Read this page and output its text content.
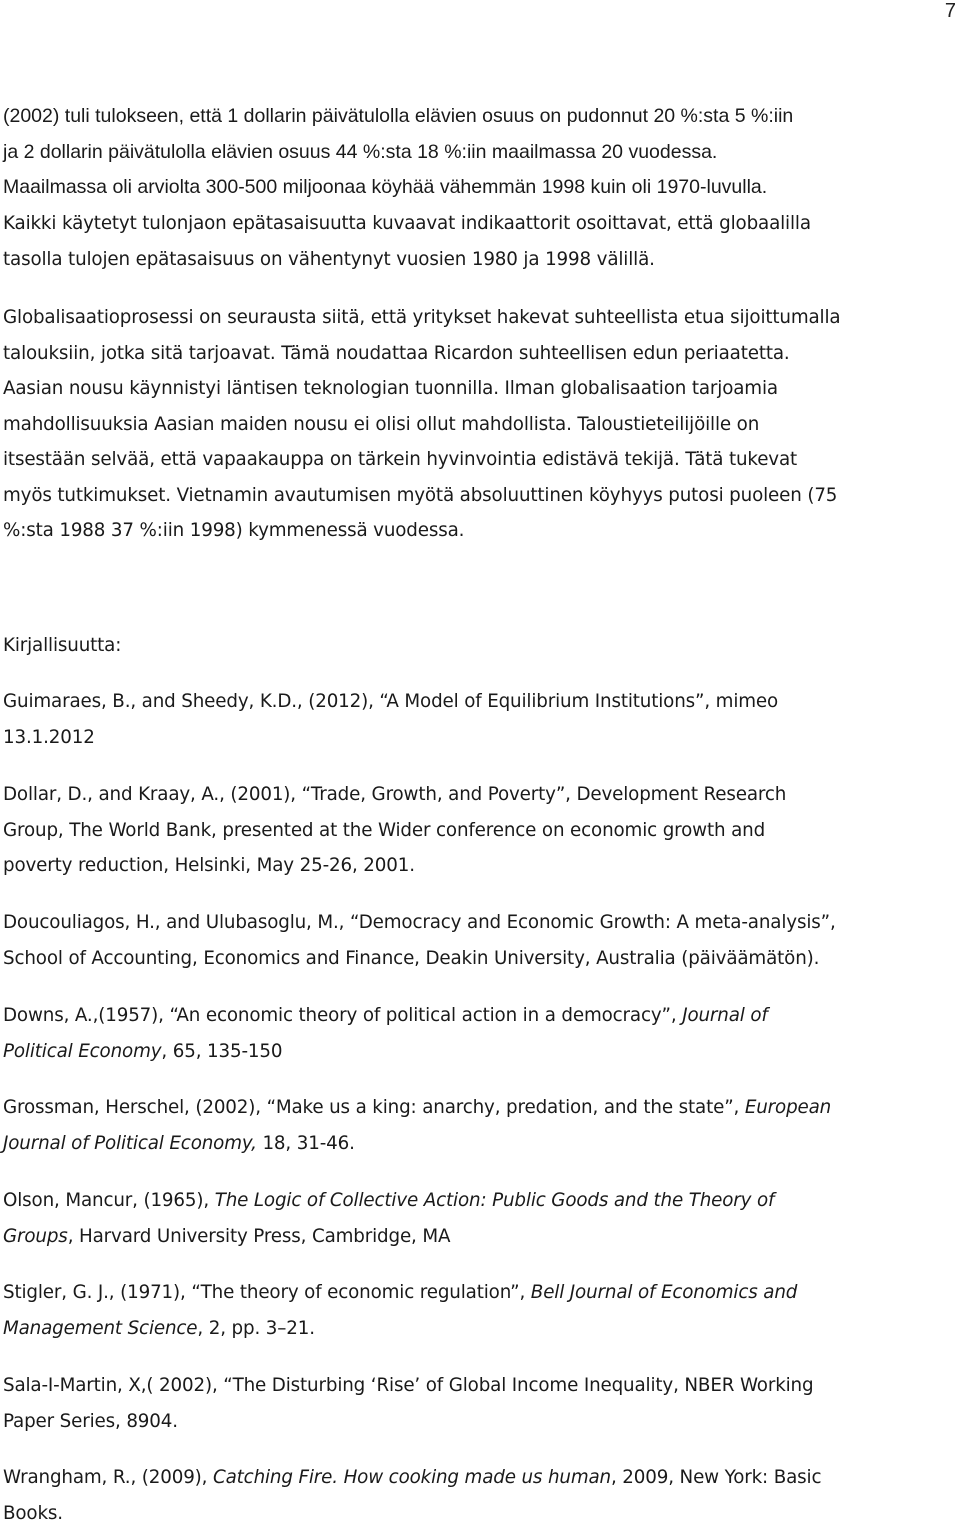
7
(2002) tuli tulokseen, että 1 dollarin päivätulolla elävien osuus on pudonnut 20 %:sta 5 %:iin
ja 2 dollarin päivätulolla elävien osuus 44 %:sta 18 %:iin maailmassa 20 vuodessa.
Maailmassa oli arviolta 300-500 miljoonaa köyhää vähemmän 1998 kuin oli 1970-luvulla.
Kaikki käytetyt tulonjaon epätasaisuutta kuvaavat indikaattorit osoittavat, että globaalilla
tasolla tulojen epätasaisuus on vähentynyt vuosien 1980 ja 1998 välillä.
Globalisaatioprosessi on seurausta siitä, että yritykset hakevat suhteellista etua sijoittumalla
talouksiin, jotka sitä tarjoavat. Tämä noudattaa Ricardon suhteellisen edun periaatetta.
Aasian nousu käynnistyi läntisen teknologian tuonnilla. Ilman globalisaation tarjoamia
mahdollisuuksia Aasian maiden nousu ei olisi ollut mahdollista. Taloustieteilijöille on
itsestään selvää, että vapaakauppa on tärkein hyvinvointia edistävä tekijä. Tätä tukevat
myös tutkimukset. Vietnamin avautumisen myötä absoluuttinen köyhyys putosi puoleen (75
%:sta 1988 37 %:iin 1998) kymmenessä vuodessa.
Kirjallisuutta:
Guimaraes, B., and Sheedy, K.D., (2012), “A Model of Equilibrium Institutions”, mimeo
13.1.2012
Dollar, D., and Kraay, A., (2001), “Trade, Growth, and Poverty”, Development Research
Group, The World Bank, presented at the Wider conference on economic growth and
poverty reduction, Helsinki, May 25-26, 2001.
Doucouliagos, H., and Ulubasoglu, M., “Democracy and Economic Growth: A meta-analysis”,
School of Accounting, Economics and Finance, Deakin University, Australia (päiväämätön).
Downs, A.,(1957), “An economic theory of political action in a democracy”, Journal of
Political Economy, 65, 135-150
Grossman, Herschel, (2002), “Make us a king: anarchy, predation, and the state”, European
Journal of Political Economy, 18, 31-46.
Olson, Mancur, (1965), The Logic of Collective Action: Public Goods and the Theory of
Groups, Harvard University Press, Cambridge, MA
Stigler, G. J., (1971), “The theory of economic regulation”, Bell Journal of Economics and
Management Science, 2, pp. 3–21.
Sala-I-Martin, X,( 2002), “The Disturbing ‘Rise’ of Global Income Inequality, NBER Working
Paper Series, 8904.
Wrangham, R., (2009), Catching Fire. How cooking made us human, 2009, New York: Basic
Books.
